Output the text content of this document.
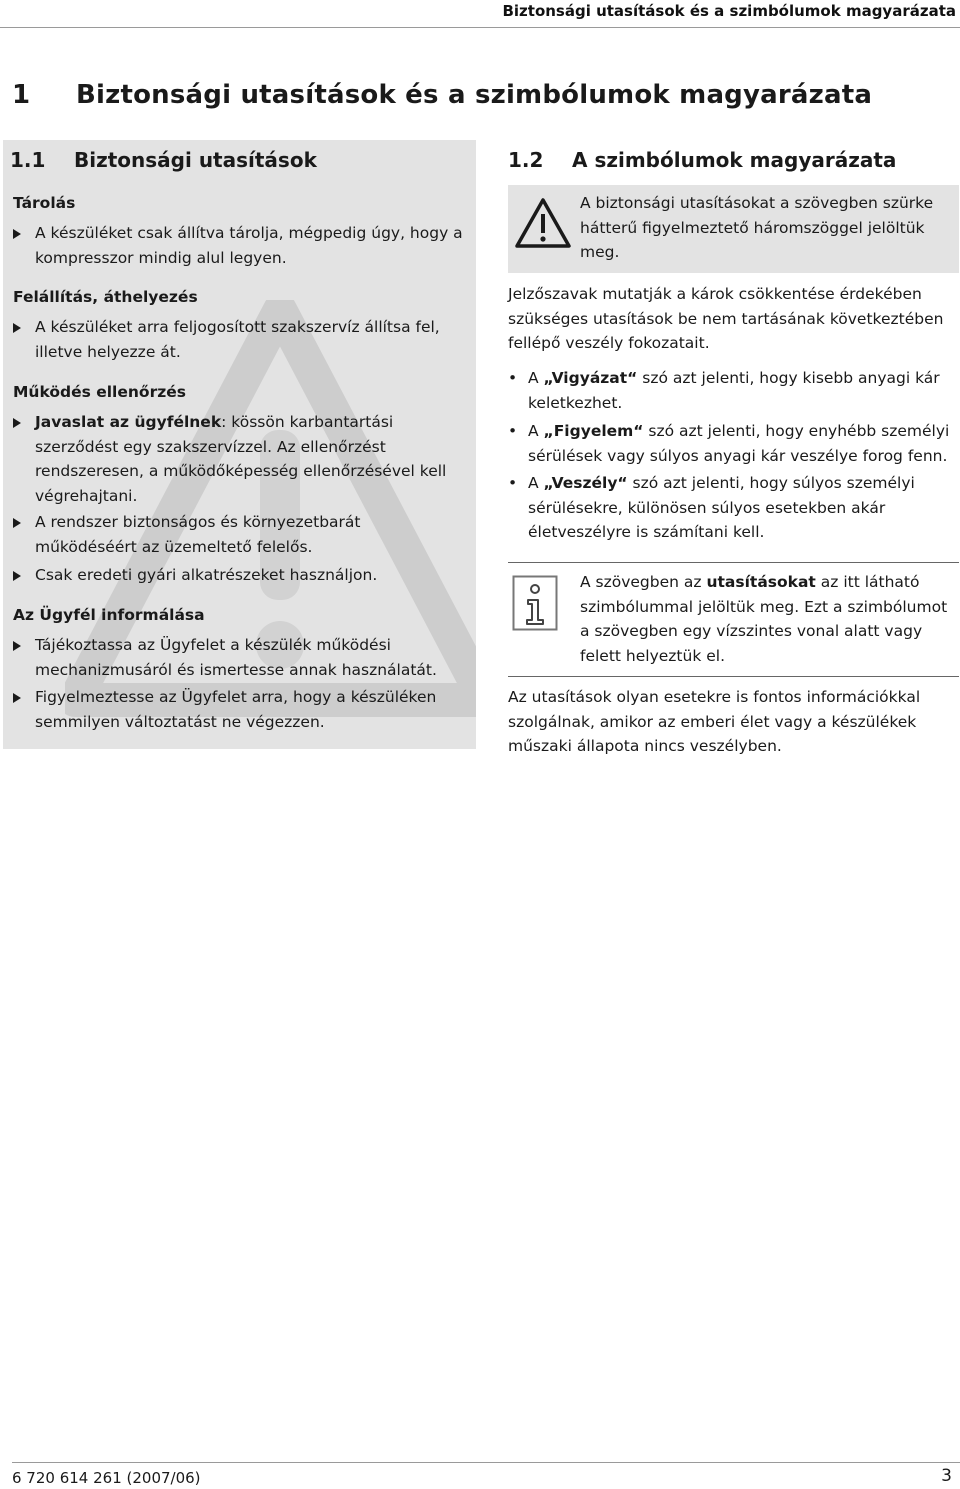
Biztonsági utasítások és a szimbólumok magyarázata
1 Biztonsági utasítások és a szimbólumok magyarázata
1.1 Biztonsági utasítások
Tárolás
A készüléket csak állítva tárolja, mégpedig úgy, hogy a kompresszor mindig alul legyen.
Felállítás, áthelyezés
A készüléket arra feljogosított szakszervíz állítsa fel, illetve helyezze át.
Működés ellenőrzés
Javaslat az ügyfélnek: kössön karbantartási szerződést egy szakszervízzel. Az ellenőrzést rendszeresen, a működőképesség ellenőrzésével kell végrehajtani.
A rendszer biztonságos és környezetbarát működéséért az üzemeltető felelős.
Csak eredeti gyári alkatrészeket használjon.
Az Ügyfél informálása
Tájékoztassa az Ügyfelet a készülék működési mechanizmusáról és ismertesse annak használatát.
Figyelmeztesse az Ügyfelet arra, hogy a készüléken semmilyen változtatást ne végezzen.
1.2 A szimbólumok magyarázata
A biztonsági utasításokat a szövegben szürke hátterű figyelmeztető háromszöggel jelöltük meg.
Jelzőszavak mutatják a károk csökkentése érdekében szükséges utasítások be nem tartásának következtében fellépő veszély fokozatait.
• A „Vigyázat“ szó azt jelenti, hogy kisebb anyagi kár keletkezhet.
• A „Figyelem“ szó azt jelenti, hogy enyhébb személyi sérülések vagy súlyos anyagi kár veszélye forog fenn.
• A „Veszély“ szó azt jelenti, hogy súlyos személyi sérülésekre, különösen súlyos esetekben akár életveszélyre is számítani kell.
A szövegben az utasításokat az itt látható szimbólummal jelöltük meg. Ezt a szimbólumot a szövegben egy vízszintes vonal alatt vagy felett helyeztük el.
Az utasítások olyan esetekre is fontos információkkal szolgálnak, amikor az emberi élet vagy a készülékek műszaki állapota nincs veszélyben.
6 720 614 261 (2007/06)	3
